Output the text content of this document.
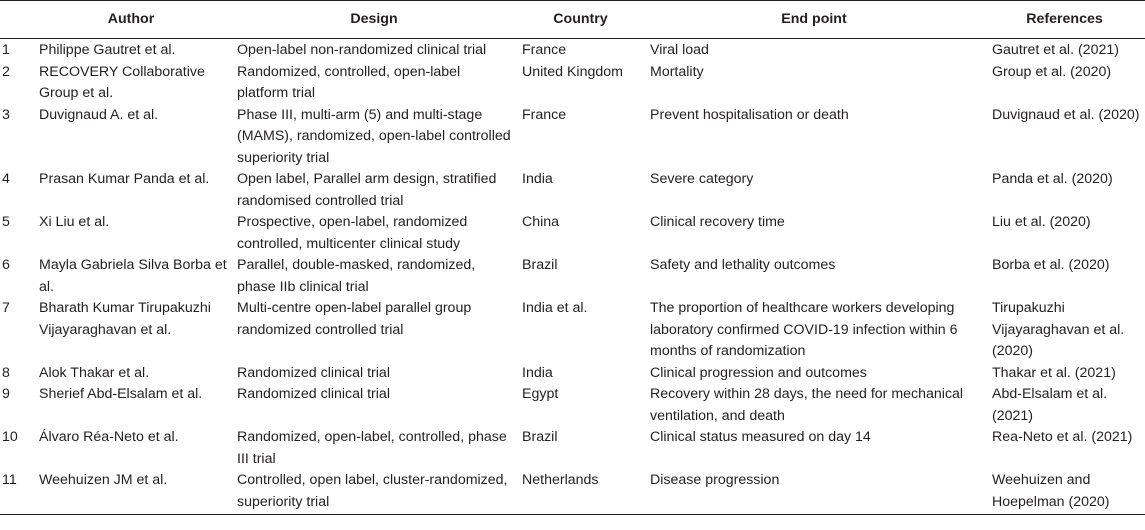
	Author	Design	Country	End point	References
1	Philippe Gautret et al.	Open-label non-randomized clinical trial	France	Viral load	Gautret et al. (2021)
2	RECOVERY Collaborative Group et al.	Randomized, controlled, open-label platform trial	United Kingdom	Mortality	Group et al. (2020)
3	Duvignaud A. et al.	Phase III, multi-arm (5) and multi-stage (MAMS), randomized, open-label controlled superiority trial	France	Prevent hospitalisation or death	Duvignaud et al. (2020)
4	Prasan Kumar Panda et al.	Open label, Parallel arm design, stratified randomised controlled trial	India	Severe category	Panda et al. (2020)
5	Xi Liu et al.	Prospective, open-label, randomized controlled, multicenter clinical study	China	Clinical recovery time	Liu et al. (2020)
6	Mayla Gabriela Silva Borba et al.	Parallel, double-masked, randomized, phase IIb clinical trial	Brazil	Safety and lethality outcomes	Borba et al. (2020)
7	Bharath Kumar Tirupakuzhi Vijayaraghavan et al.	Multi-centre open-label parallel group randomized controlled trial	India et al.	The proportion of healthcare workers developing laboratory confirmed COVID-19 infection within 6 months of randomization	Tirupakuzhi Vijayaraghavan et al. (2020)
8	Alok Thakar et al.	Randomized clinical trial	India	Clinical progression and outcomes	Thakar et al. (2021)
9	Sherief Abd-Elsalam et al.	Randomized clinical trial	Egypt	Recovery within 28 days, the need for mechanical ventilation, and death	Abd-Elsalam et al. (2021)
10	Álvaro Réa-Neto et al.	Randomized, open-label, controlled, phase III trial	Brazil	Clinical status measured on day 14	Rea-Neto et al. (2021)
11	Weehuizen JM et al.	Controlled, open label, cluster-randomized, superiority trial	Netherlands	Disease progression	Weehuizen and Hoepelman (2020)
